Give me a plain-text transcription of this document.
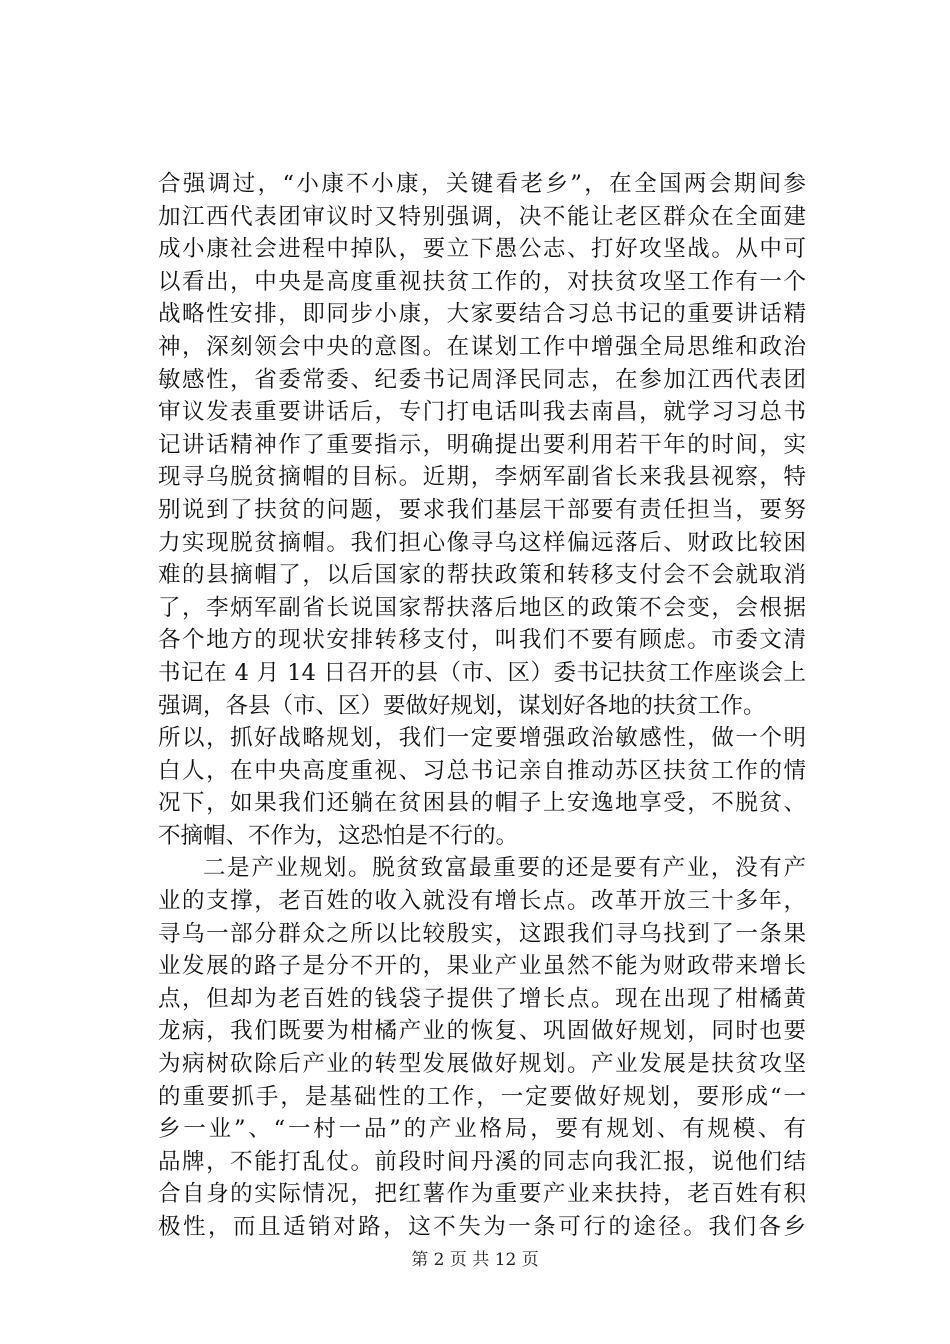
合强调过，“小康不小康，关键看老乡”，在全国两会期间参
加江西代表团审议时又特别强调，决不能让老区群众在全面建
成小康社会进程中掉队，要立下愚公志、打好攻坚战。从中可
以看出，中央是高度重视扶贫工作的，对扶贫攻坚工作有一个
战略性安排，即同步小康，大家要结合习总书记的重要讲话精
神，深刻领会中央的意图。在谋划工作中增强全局思维和政治
敏感性，省委常委、纪委书记周泽民同志，在参加江西代表团
审议发表重要讲话后，专门打电话叫我去南昌，就学习习总书
记讲话精神作了重要指示，明确提出要利用若干年的时间，实
现寻乌脱贫摘帽的目标。近期，李炳军副省长来我县视察，特
别说到了扶贫的问题，要求我们基层干部要有责任担当，要努
力实现脱贫摘帽。我们担心像寻乌这样偏远落后、财政比较困
难的县摘帽了，以后国家的帮扶政策和转移支付会不会就取消
了，李炳军副省长说国家帮扶落后地区的政策不会变，会根据
各个地方的现状安排转移支付，叫我们不要有顾虑。市委文清
书记在 4 月 14 日召开的县（市、区）委书记扶贫工作座谈会上
强调，各县（市、区）要做好规划，谋划好各地的扶贫工作。
所以，抓好战略规划，我们一定要增强政治敏感性，做一个明
白人，在中央高度重视、习总书记亲自推动苏区扶贫工作的情
况下，如果我们还躺在贫困县的帽子上安逸地享受，不脱贫、
不摘帽、不作为，这恐怕是不行的。
二是产业规划。脱贫致富最重要的还是要有产业，没有产
业的支撑，老百姓的收入就没有增长点。改革开放三十多年，
寻乌一部分群众之所以比较殷实，这跟我们寻乌找到了一条果
业发展的路子是分不开的，果业产业虽然不能为财政带来增长
点，但却为老百姓的钱袋子提供了增长点。现在出现了柑橘黄
龙病，我们既要为柑橘产业的恢复、巩固做好规划，同时也要
为病树砍除后产业的转型发展做好规划。产业发展是扶贫攻坚
的重要抓手，是基础性的工作，一定要做好规划，要形成“一
乡一业”、“一村一品”的产业格局，要有规划、有规模、有
品牌，不能打乱仗。前段时间丹溪的同志向我汇报，说他们结
合自身的实际情况，把红薯作为重要产业来扶持，老百姓有积
极性，而且适销对路，这不失为一条可行的途径。我们各乡
第 2 页 共 12 页
